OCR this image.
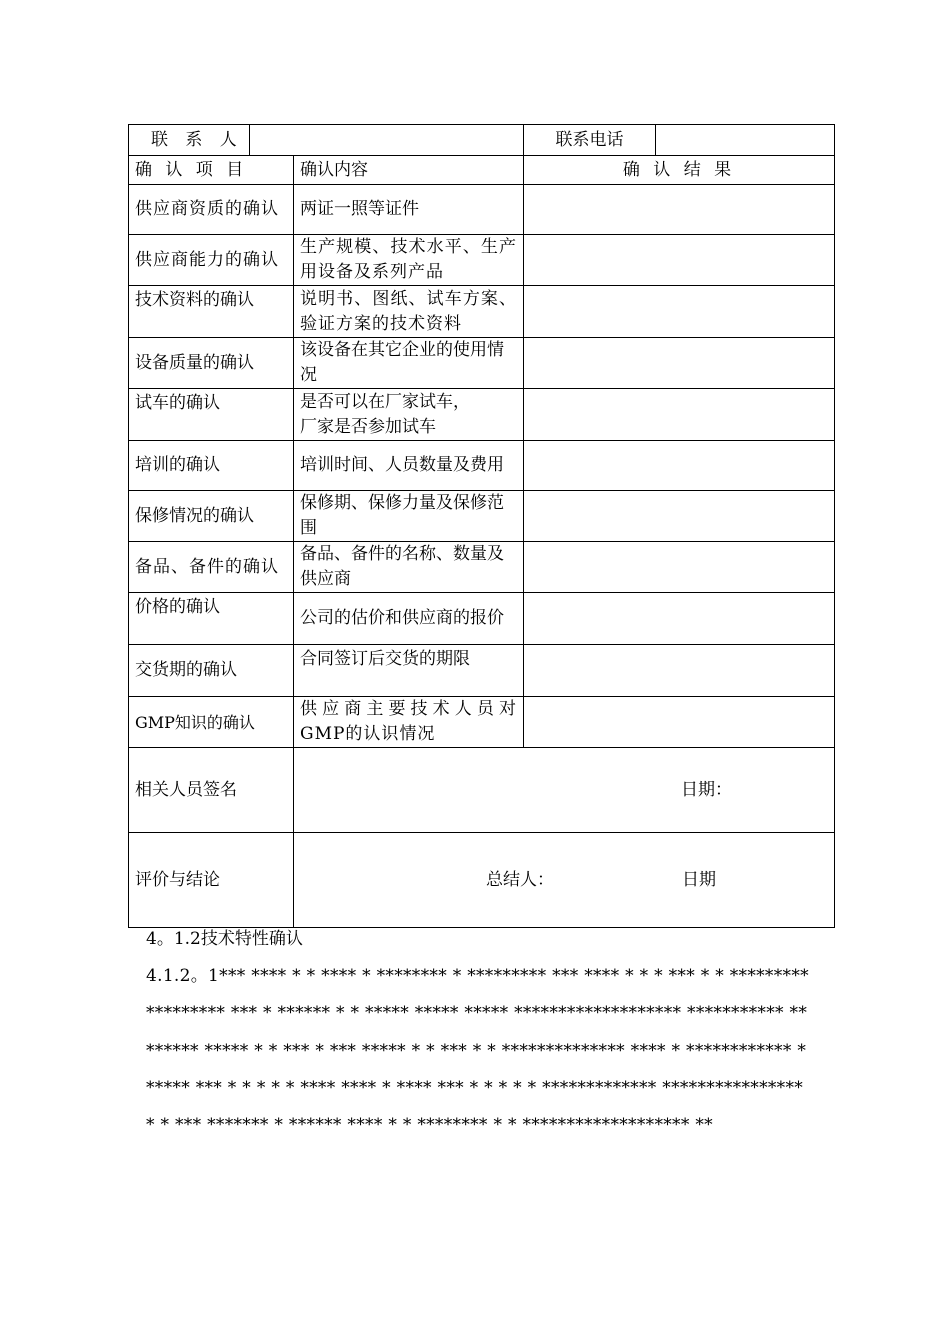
联 系 人			联系电话	
确 认 项 目		确认内容	确 认 结 果	
供应商资质的确认		两证一照等证件		
供应商能力的确认		生产规模、技术水平、生产用设备及系列产品		
技术资料的确认		说明书、图纸、试车方案、验证方案的技术资料		
设备质量的确认		该设备在其它企业的使用情况		
试车的确认		是否可以在厂家试车，
厂家是否参加试车		

培训的确认		培训时间、人员数量及费用		
保修情况的确认		保修期、保修力量及保修范围		
备品、备件的确认		备品、备件的名称、数量及供应商		
价格的确认		公司的估价和供应商的报价		
交货期的确认		合同签订后交货的期限		
GMP知识的确认		供应商主要技术人员对GMP的认识情况		
相关人员签名		日期：		

评价与结论		总结人： 日期		
4。1.2技术特性确认
4.1.2。1*** **** * * **** * ******** * ********* *** **** * * * *** * * ****************** *** * ****** * * ***** ***** ***** ******************* *********** ******** ***** * * *** * *** ***** * * *** * * ************** **** * ************ ****** *** * * * * * **** **** * **** *** * * * * * ************* ***************** * *** ******* * ****** **** * * ******** * * ******************* **
